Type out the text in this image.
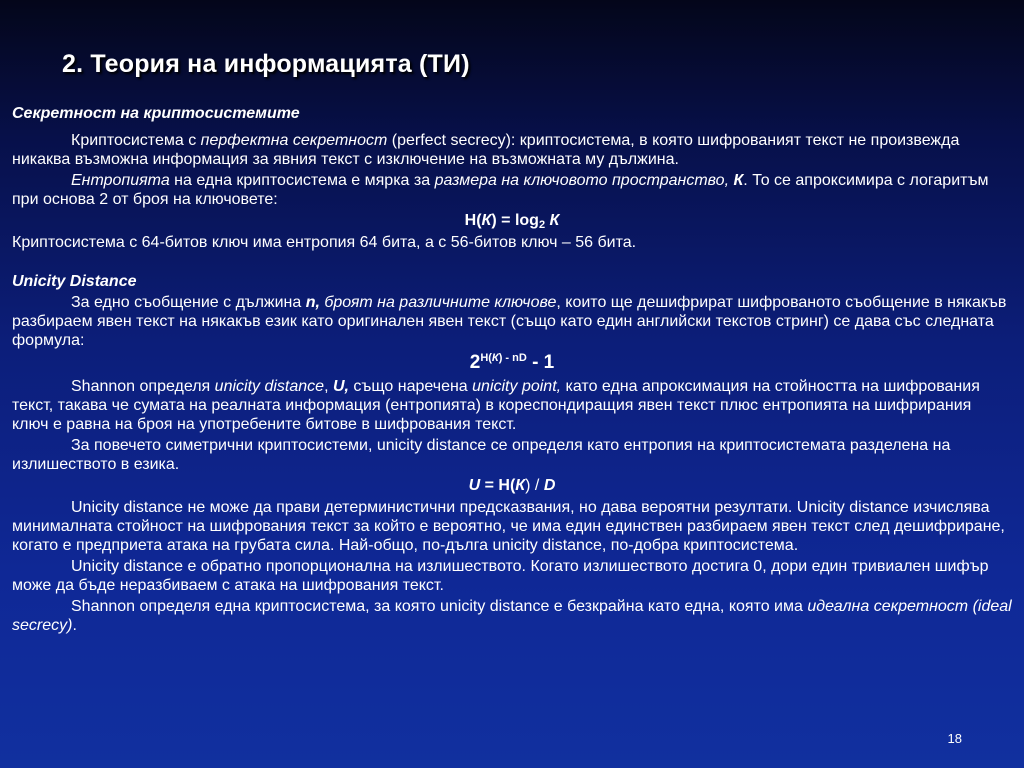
2. Теория на информацията (ТИ)

Секретност на криптосистемите

Криптосистема с перфектна секретност (perfect secrecy): криптосистема, в която шифрованият текст не произвежда никаква възможна информация за явния текст с изключение на възможната му дължина.

Ентропията на една криптосистема е мярка за размера на ключовото пространство, К. То се апроксимира с логаритъм при основа 2 от броя на ключовете:

$Н(К) = \log_2 К$

Криптосистема с 64-битов ключ има ентропия 64 бита, а с 56-битов ключ – 56 бита.

Unicity Distance

За едно съобщение с дължина n, броят на различните ключове, които ще дешифрират шифрованото съобщение в някакъв разбираем явен текст на някакъв език като оригинален явен текст (също като един английски текстов стринг) се дава със следната формула:

$2^{Н(К) - nD} - 1$

Shannon определя unicity distance, U, също наречена unicity point, като една апроксимация на стойността на шифрования текст, такава че сумата на реалната информация (ентропията) в кореспондиращия явен текст плюс ентропията на шифрирания ключ е равна на броя на употребените битове в шифрования текст.

За повечето симетрични криптосистеми, unicity distance се определя като ентропия на криптосистемата разделена на излишеството в езика.

U = Н(К) / D

Unicity distance не може да прави детерминистични предсказвания, но дава вероятни резултати. Unicity distance изчислява минималната стойност на шифрования текст за който е вероятно, че има един единствен разбираем явен текст след дешифриране, когато е предприета атака на грубата сила. Най-общо, по-дълга unicity distance, по-добра криптосистема.

Unicity distance е обратно пропорционална на излишеството. Когато излишеството достига 0, дори един тривиален шифър може да бъде неразбиваем с атака на шифрования текст.

Shannon определя една криптосистема, за която unicity distance е безкрайна като една, която има идеална секретност (ideal secrecy).

18
